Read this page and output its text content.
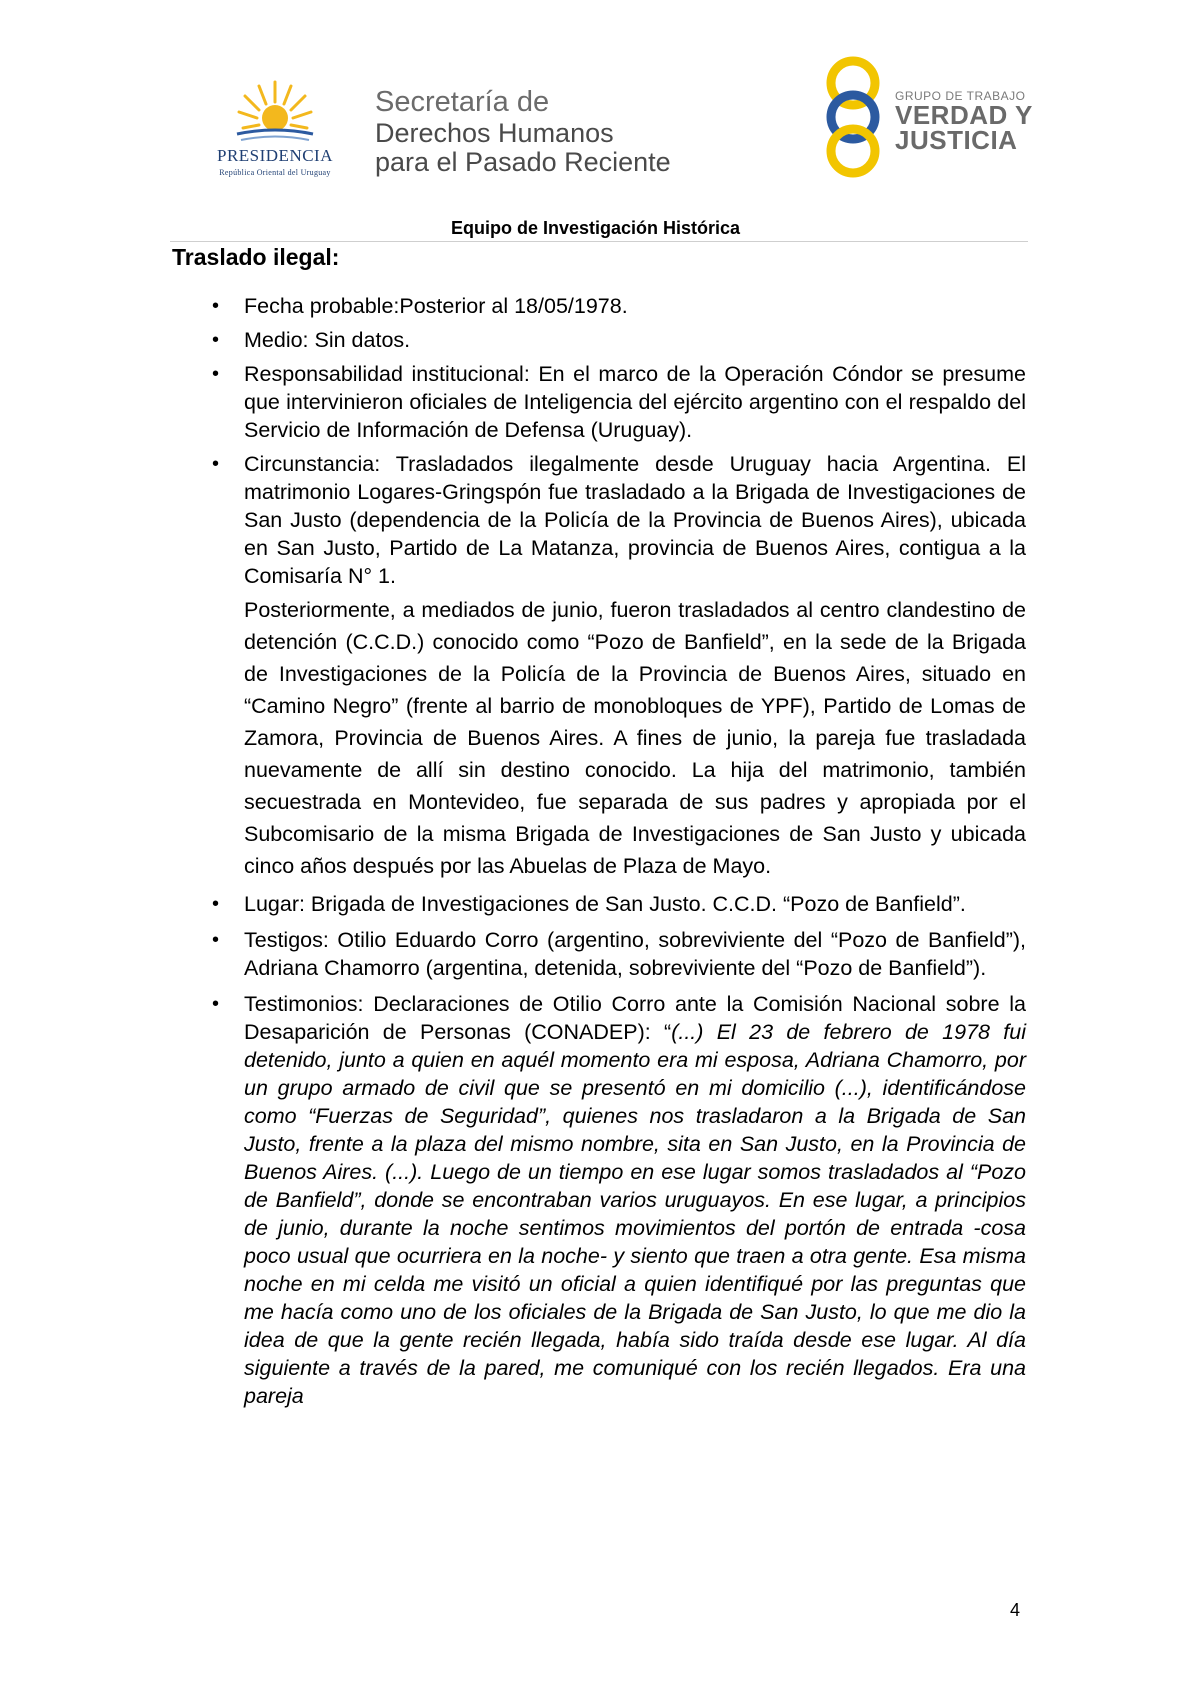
PRESIDENCIA
República Oriental del Uruguay
Secretaría de
Derechos Humanos
para el Pasado Reciente
GRUPO DE TRABAJO
VERDAD Y
JUSTICIA
Equipo de Investigación Histórica
Traslado ilegal:
• Fecha probable:Posterior al 18/05/1978.
• Medio: Sin datos.
• Responsabilidad institucional: En el marco de la Operación Cóndor se presume que intervinieron oficiales de Inteligencia del ejército argentino con el respaldo del Servicio de Información de Defensa (Uruguay).
• Circunstancia: Trasladados ilegalmente desde Uruguay hacia Argentina. El matrimonio Logares-Gringspón fue trasladado a la Brigada de Investigaciones de San Justo (dependencia de la Policía de la Provincia de Buenos Aires), ubicada en San Justo, Partido de La Matanza, provincia de Buenos Aires, contigua a la Comisaría N° 1.
Posteriormente, a mediados de junio, fueron trasladados al centro clandestino de detención (C.C.D.) conocido como “Pozo de Banfield”, en la sede de la Brigada de Investigaciones de la Policía de la Provincia de Buenos Aires, situado en “Camino Negro” (frente al barrio de monobloques de YPF), Partido de Lomas de Zamora, Provincia de Buenos Aires. A fines de junio, la pareja fue trasladada nuevamente de allí sin destino conocido. La hija del matrimonio, también secuestrada en Montevideo, fue separada de sus padres y apropiada por el Subcomisario de la misma Brigada de Investigaciones de San Justo y ubicada cinco años después por las Abuelas de Plaza de Mayo.
• Lugar: Brigada de Investigaciones de San Justo. C.C.D. “Pozo de Banfield”.
• Testigos: Otilio Eduardo Corro (argentino, sobreviviente del “Pozo de Banfield”), Adriana Chamorro (argentina, detenida, sobreviviente del “Pozo de Banfield”).
• Testimonios: Declaraciones de Otilio Corro ante la Comisión Nacional sobre la Desaparición de Personas (CONADEP): “(...) El 23 de febrero de 1978 fui detenido, junto a quien en aquél momento era mi esposa, Adriana Chamorro, por un grupo armado de civil que se presentó en mi domicilio (...), identificándose como “Fuerzas de Seguridad”, quienes nos trasladaron a la Brigada de San Justo, frente a la plaza del mismo nombre, sita en San Justo, en la Provincia de Buenos Aires. (...). Luego de un tiempo en ese lugar somos trasladados al “Pozo de Banfield”, donde se encontraban varios uruguayos. En ese lugar, a principios de junio, durante la noche sentimos movimientos del portón de entrada -cosa poco usual que ocurriera en la noche- y siento que traen a otra gente. Esa misma noche en mi celda me visitó un oficial a quien identifiqué por las preguntas que me hacía como uno de los oficiales de la Brigada de San Justo, lo que me dio la idea de que la gente recién llegada, había sido traída desde ese lugar. Al día siguiente a través de la pared, me comuniqué con los recién llegados. Era una pareja
4
